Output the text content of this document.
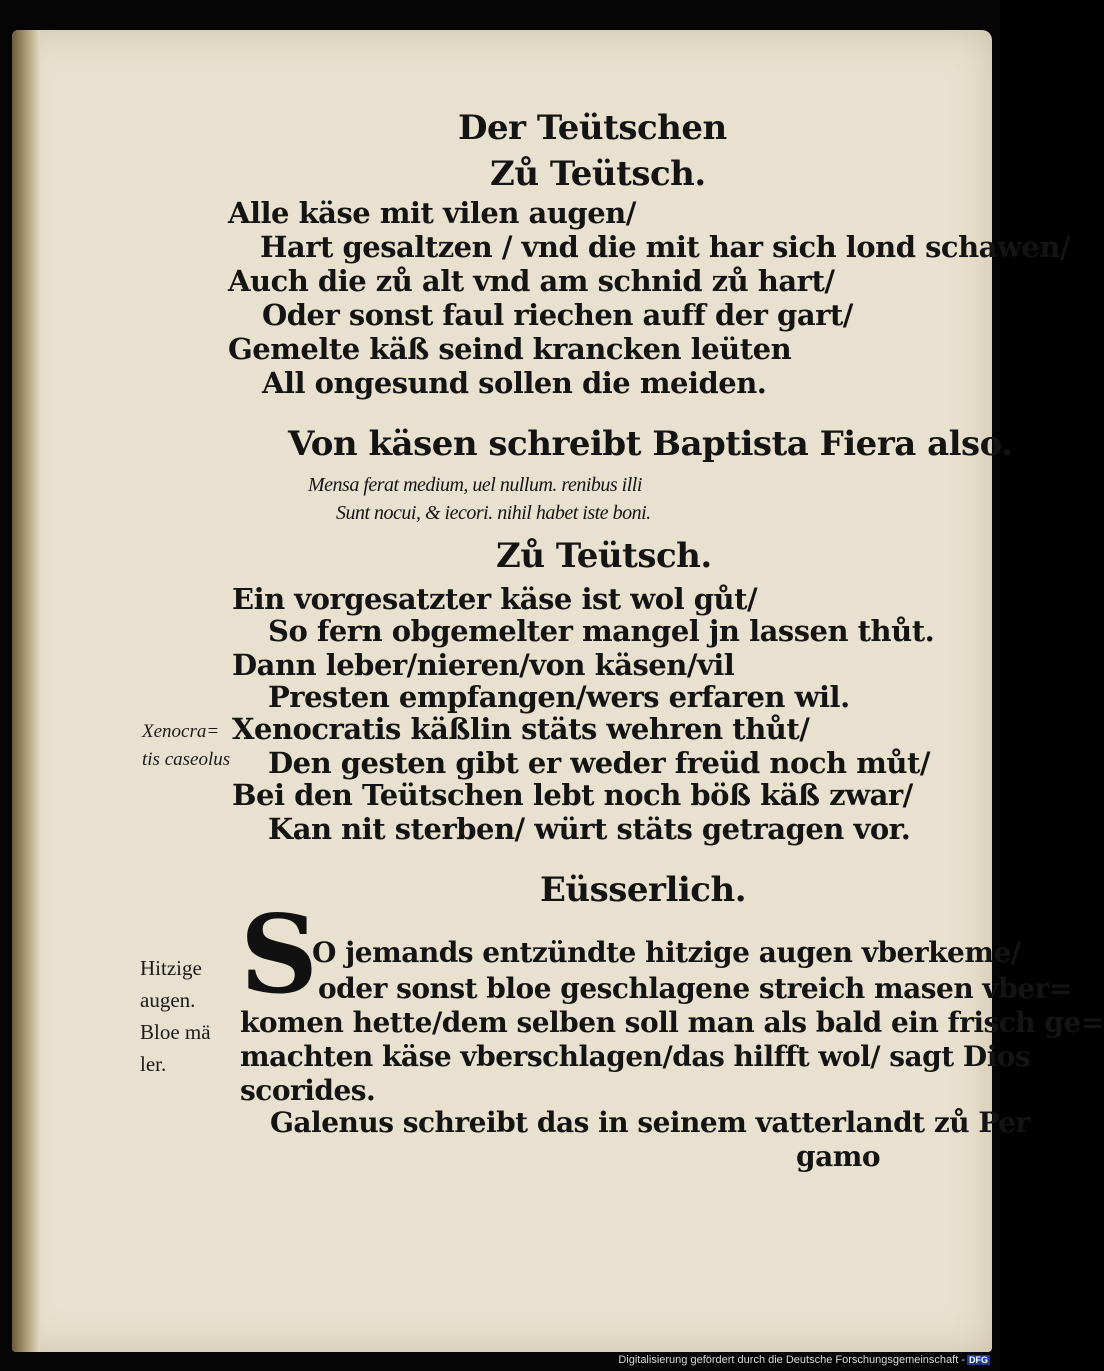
Der Teütschen
Zů Teütsch.
Alle käse mit vilen augen/
Hart gesaltzen / vnd die mit har sich lond schawen/
Auch die zů alt vnd am schnid zů hart/
Oder sonst faul riechen auff der gart/
Gemelte käß seind krancken leüten
All ongesund sollen die meiden.
Von käsen schreibt Baptista Fiera also.
Mensa ferat medium, uel nullum. renibus illi
Sunt nocui, & iecori. nihil habet iste boni.
Zů Teütsch.
Ein vorgesatzter käse ist wol gůt/
So fern obgemelter mangel jn lassen thůt.
Dann leber/nieren/von käsen/vil
Presten empfangen/wers erfaren wil.
Xenocratis käßlin stäts wehren thůt/
Den gesten gibt er weder freüd noch můt/
Bei den Teütschen lebt noch böß käß zwar/
Kan nit sterben/ würt stäts getragen vor.
Xenocra=
tis caseolus
Eüsserlich.
S
O jemands entzündte hitzige augen vberkeme/
oder sonst bloe geschlagene streich masen vber=
komen hette/dem selben soll man als bald ein frisch ge=
machten käse vberschlagen/das hilfft wol/ sagt Dios
scorides.
Galenus schreibt das in seinem vatterlandt zů Per
gamo
Hitzige
augen.
Bloe mä
ler.
Digitalisierung gefördert durch die Deutsche Forschungsgemeinschaft - DFG
